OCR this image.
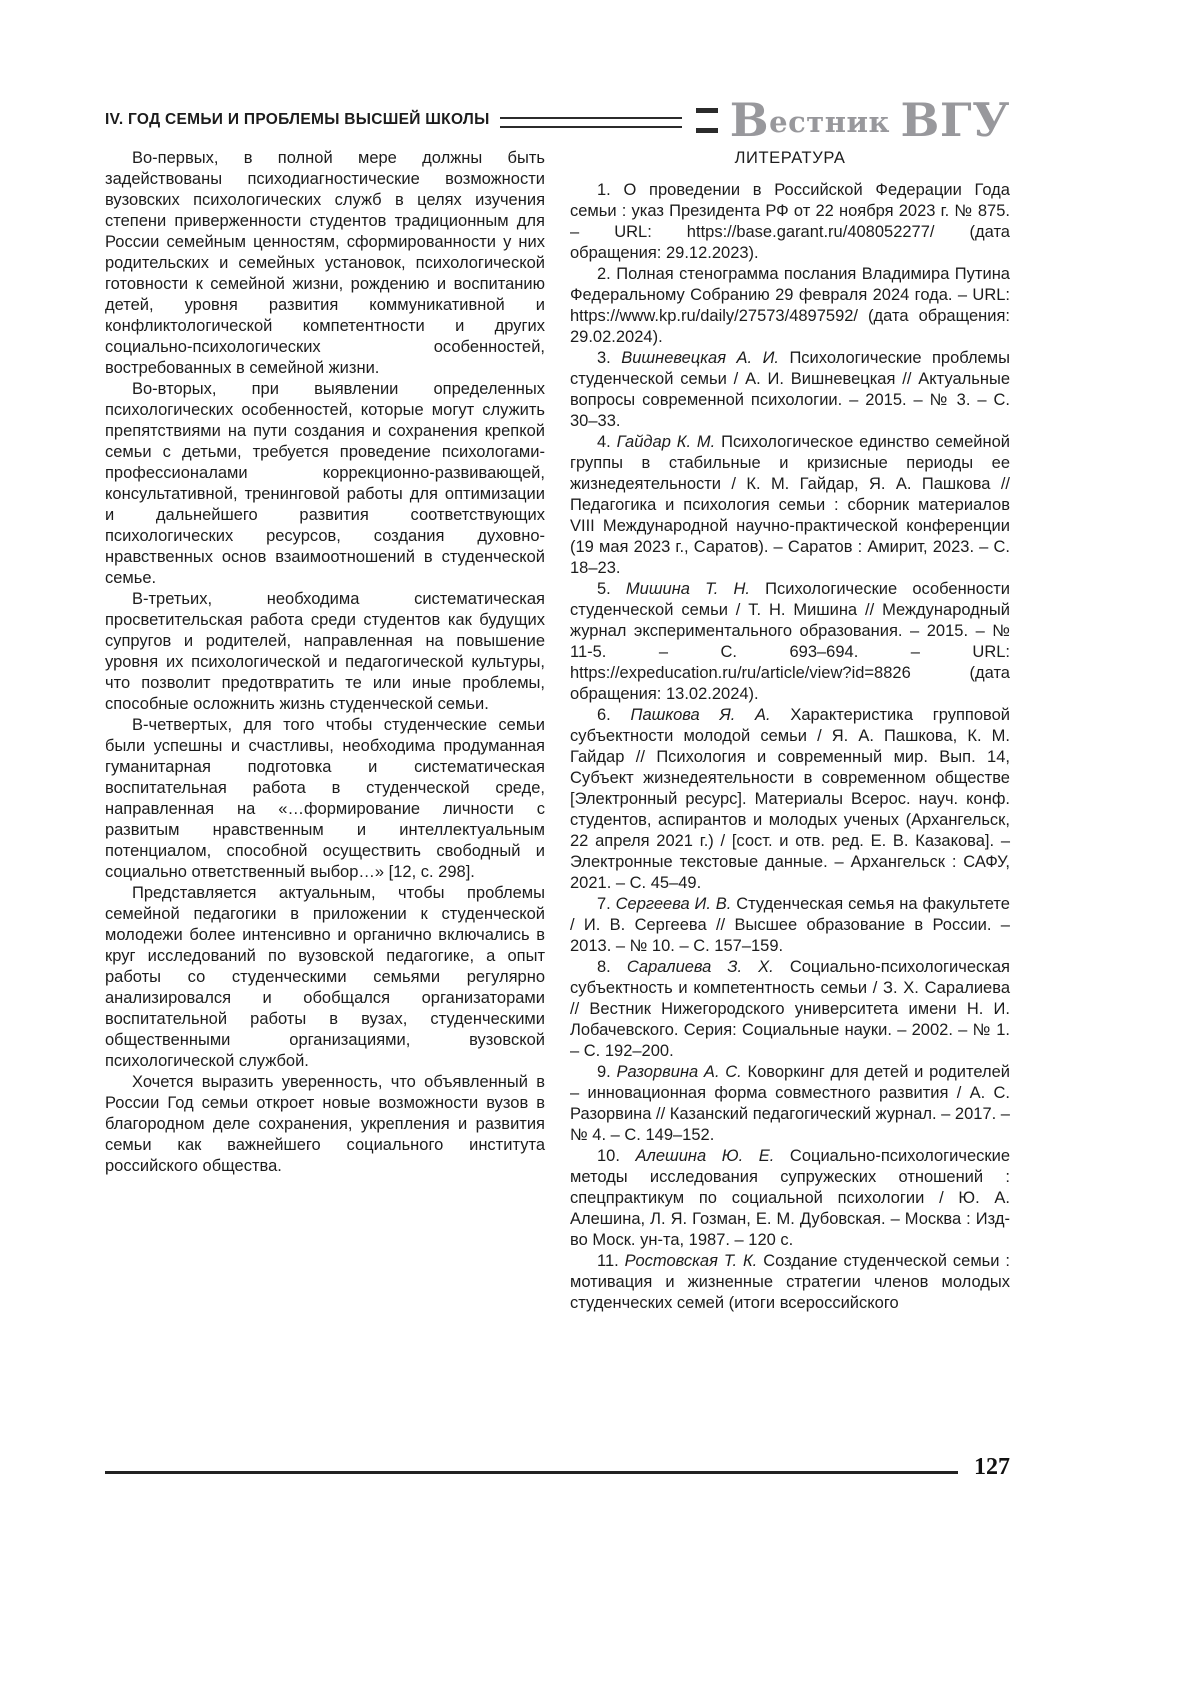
IV. ГОД СЕМЬИ И ПРОБЛЕМЫ ВЫСШЕЙ ШКОЛЫ	Вестник ВГУ

Во-первых, в полной мере должны быть задействованы психодиагностические возможности вузовских психологических служб в целях изучения степени приверженности студентов традиционным для России семейным ценностям, сформированности у них родительских и семейных установок, психологической готовности к семейной жизни, рождению и воспитанию детей, уровня развития коммуникативной и конфликтологической компетентности и других социально-психологических особенностей, востребованных в семейной жизни.

Во-вторых, при выявлении определенных психологических особенностей, которые могут служить препятствиями на пути создания и сохранения крепкой семьи с детьми, требуется проведение психологами-профессионалами коррекционно-развивающей, консультативной, тренинговой работы для оптимизации и дальнейшего развития соответствующих психологических ресурсов, создания духовно-нравственных основ взаимоотношений в студенческой семье.

В-третьих, необходима систематическая просветительская работа среди студентов как будущих супругов и родителей, направленная на повышение уровня их психологической и педагогической культуры, что позволит предотвратить те или иные проблемы, способные осложнить жизнь студенческой семьи.

В-четвертых, для того чтобы студенческие семьи были успешны и счастливы, необходима продуманная гуманитарная подготовка и систематическая воспитательная работа в студенческой среде, направленная на «…формирование личности с развитым нравственным и интеллектуальным потенциалом, способной осуществить свободный и социально ответственный выбор…» [12, с. 298].

Представляется актуальным, чтобы проблемы семейной педагогики в приложении к студенческой молодежи более интенсивно и органично включались в круг исследований по вузовской педагогике, а опыт работы со студенческими семьями регулярно анализировался и обобщался организаторами воспитательной работы в вузах, студенческими общественными организациями, вузовской психологической службой.

Хочется выразить уверенность, что объявленный в России Год семьи откроет новые возможности вузов в благородном деле сохранения, укрепления и развития семьи как важнейшего социального института российского общества.

ЛИТЕРАТУРА

1. О проведении в Российской Федерации Года семьи : указ Президента РФ от 22 ноября 2023 г. № 875. – URL: https://base.garant.ru/408052277/ (дата обращения: 29.12.2023).

2. Полная стенограмма послания Владимира Путина Федеральному Собранию 29 февраля 2024 года. – URL: https://www.kp.ru/daily/27573/4897592/ (дата обращения: 29.02.2024).

3. Вишневецкая А. И. Психологические проблемы студенческой семьи / А. И. Вишневецкая // Актуальные вопросы современной психологии. – 2015. – № 3. – С. 30–33.

4. Гайдар К. М. Психологическое единство семейной группы в стабильные и кризисные периоды ее жизнедеятельности / К. М. Гайдар, Я. А. Пашкова // Педагогика и психология семьи : сборник материалов VIII Международной научно-практической конференции (19 мая 2023 г., Саратов). – Саратов : Амирит, 2023. – С. 18–23.

5. Мишина Т. Н. Психологические особенности студенческой семьи / Т. Н. Мишина // Международный журнал экспериментального образования. – 2015. – № 11-5. – С. 693–694. – URL: https://expeducation.ru/ru/article/view?id=8826 (дата обращения: 13.02.2024).

6. Пашкова Я. А. Характеристика групповой субъектности молодой семьи / Я. А. Пашкова, К. М. Гайдар // Психология и современный мир. Вып. 14, Субъект жизнедеятельности в современном обществе [Электронный ресурс]. Материалы Всерос. науч. конф. студентов, аспирантов и молодых ученых (Архангельск, 22 апреля 2021 г.) / [сост. и отв. ред. Е. В. Казакова]. – Электронные текстовые данные. – Архангельск : САФУ, 2021. – С. 45–49.

7. Сергеева И. В. Студенческая семья на факультете / И. В. Сергеева // Высшее образование в России. – 2013. – № 10. – С. 157–159.

8. Саралиева З. Х. Социально-психологическая субъектность и компетентность семьи / З. Х. Саралиева // Вестник Нижегородского университета имени Н. И. Лобачевского. Серия: Социальные науки. – 2002. – № 1. – С. 192–200.

9. Разорвина А. С. Коворкинг для детей и родителей – инновационная форма совместного развития / А. С. Разорвина // Казанский педагогический журнал. – 2017. – № 4. – С. 149–152.

10. Алешина Ю. Е. Социально-психологические методы исследования супружеских отношений : спецпрактикум по социальной психологии / Ю. А. Алешина, Л. Я. Гозман, Е. М. Дубовская. – Москва : Изд-во Моск. ун-та, 1987. – 120 с.

11. Ростовская Т. К. Создание студенческой семьи : мотивация и жизненные стратегии членов молодых студенческих семей (итоги всероссийского

127
